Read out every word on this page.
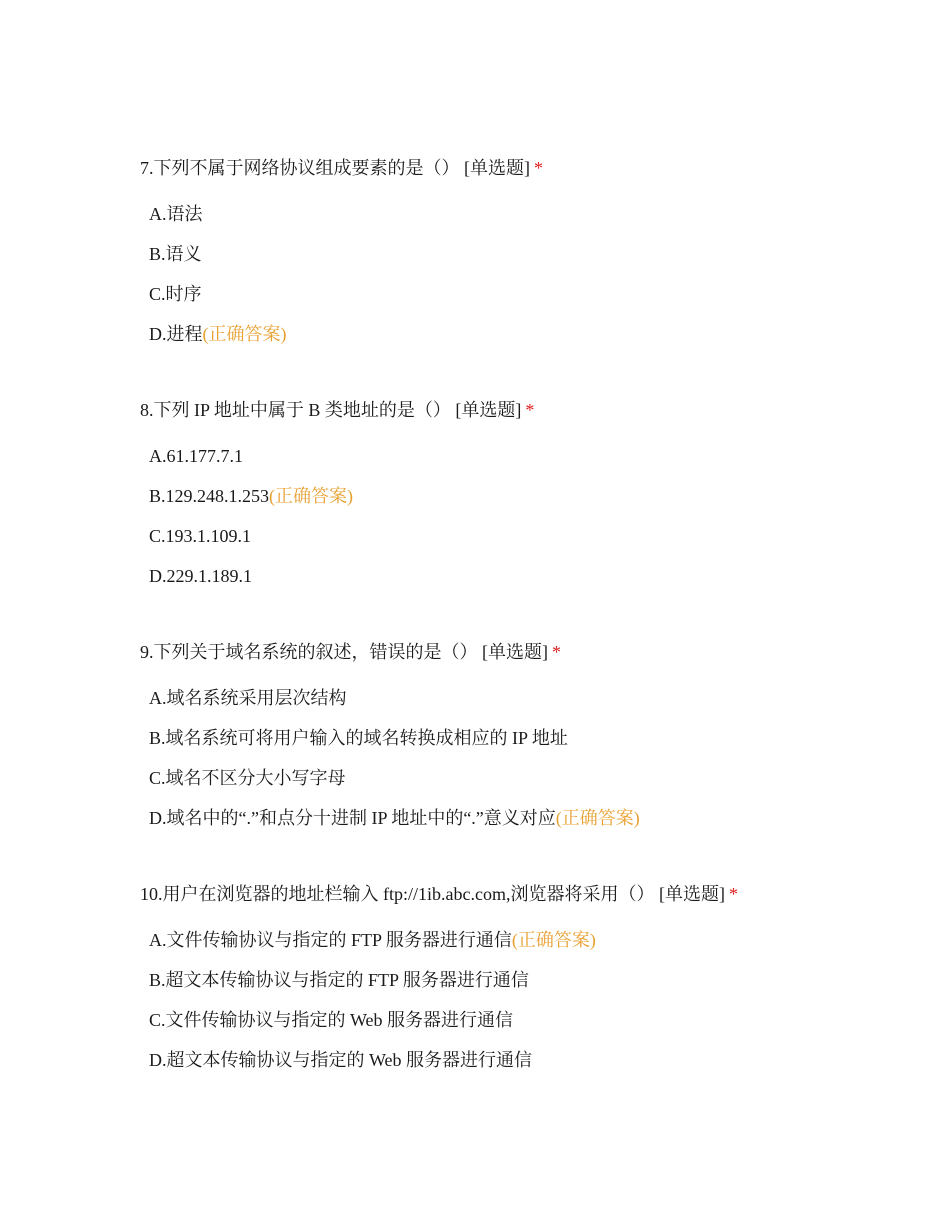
7.下列不属于网络协议组成要素的是（） [单选题] *
A.语法
B.语义
C.时序
D.进程(正确答案)
8.下列 IP 地址中属于 B 类地址的是（） [单选题] *
A.61.177.7.1
B.129.248.1.253(正确答案)
C.193.1.109.1
D.229.1.189.1
9.下列关于域名系统的叙述，错误的是（） [单选题] *
A.域名系统采用层次结构
B.域名系统可将用户输入的域名转换成相应的 IP 地址
C.域名不区分大小写字母
D.域名中的“.”和点分十进制 IP 地址中的“.”意义对应(正确答案)
10.用户在浏览器的地址栏输入 ftp://1ib.abc.com,浏览器将采用（） [单选题] *
A.文件传输协议与指定的 FTP 服务器进行通信(正确答案)
B.超文本传输协议与指定的 FTP 服务器进行通信
C.文件传输协议与指定的 Web 服务器进行通信
D.超文本传输协议与指定的 Web 服务器进行通信
